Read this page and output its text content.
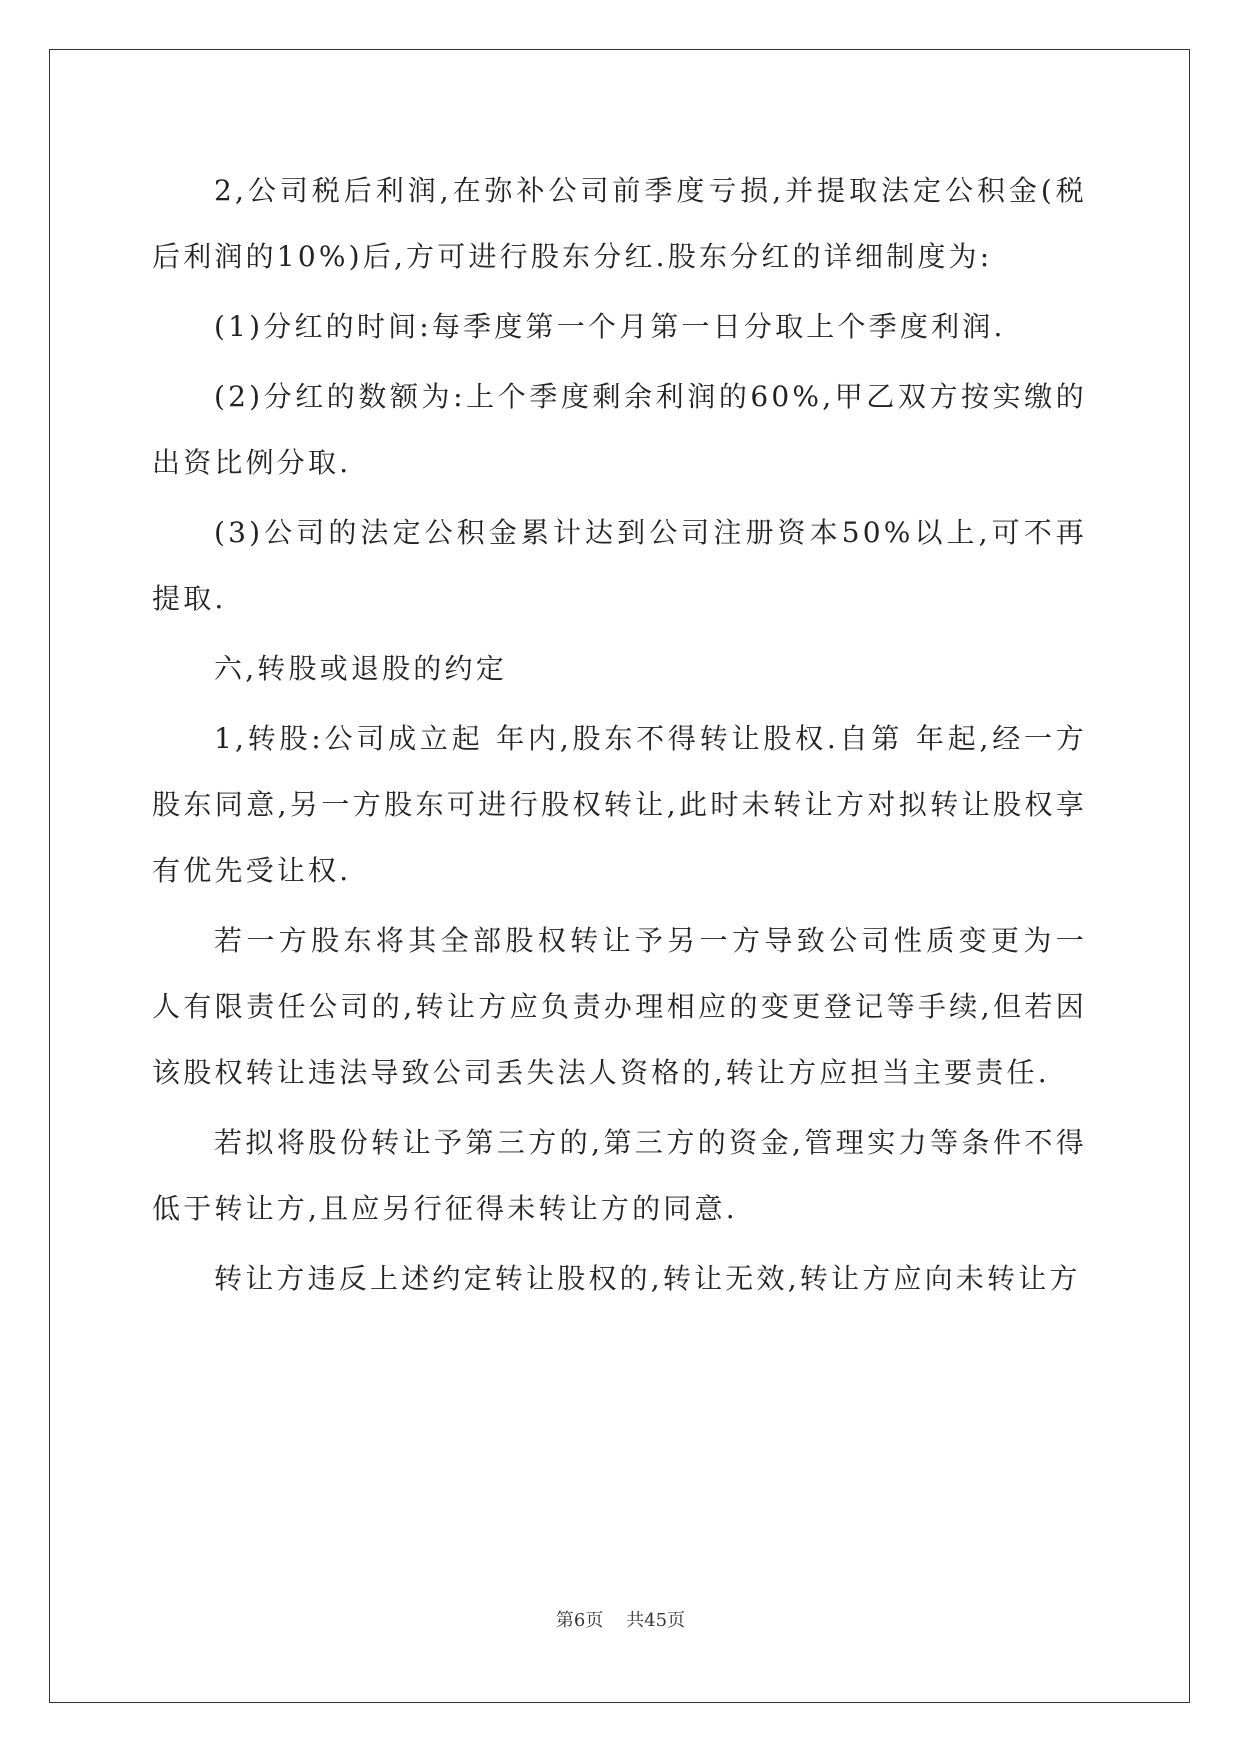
2,公司税后利润,在弥补公司前季度亏损,并提取法定公积金(税后利润的10%)后,方可进行股东分红.股东分红的详细制度为:

(1)分红的时间:每季度第一个月第一日分取上个季度利润.

(2)分红的数额为:上个季度剩余利润的60%,甲乙双方按实缴的出资比例分取.

(3)公司的法定公积金累计达到公司注册资本50%以上,可不再提取.

六,转股或退股的约定

1,转股:公司成立起 年内,股东不得转让股权.自第 年起,经一方股东同意,另一方股东可进行股权转让,此时未转让方对拟转让股权享有优先受让权.

若一方股东将其全部股权转让予另一方导致公司性质变更为一人有限责任公司的,转让方应负责办理相应的变更登记等手续,但若因该股权转让违法导致公司丢失法人资格的,转让方应担当主要责任.

若拟将股份转让予第三方的,第三方的资金,管理实力等条件不得低于转让方,且应另行征得未转让方的同意.

转让方违反上述约定转让股权的,转让无效,转让方应向未转让方

第6页 共45页
